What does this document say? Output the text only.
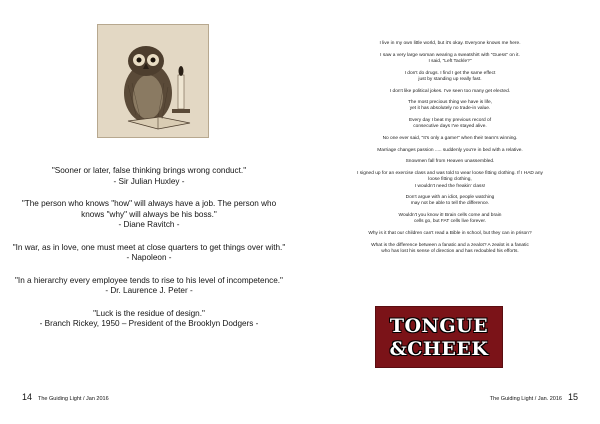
"Sooner or later, false thinking brings wrong conduct."
- Sir Julian Huxley -
"The person who knows "how" will always have a job. The person who knows "why" will always be his boss."
- Diane Ravitch -
"In war, as in love, one must meet at close quarters to get things over with."
- Napoleon -
"In a hierarchy every employee tends to rise to his level of incompetence."
- Dr. Laurence J. Peter -
"Luck is the residue of design."
- Branch Rickey, 1950 – President of the Brooklyn Dodgers -
14 The Guiding Light / Jan 2016

I live in my own little world, but it's okay. Everyone knows me here.

I saw a very large woman wearing a sweatshirt with "Guess" on it.
I said, "Left Tackle?"

I don't do drugs. I find I get the same effect
just by standing up really fast.

I don't like political jokes. I've seen too many get elected.

The most precious thing we have is life,
yet it has absolutely no trade-in value.

Every day I beat my previous record of
consecutive days I've stayed alive.

No one ever said, "It's only a game!" when their team's winning.

Marriage changes passion ..... suddenly you're in bed with a relative.

Snowmen fall from Heaven unassembled.

I signed up for an exercise class and was told to wear loose fitting clothing. If I HAD any
loose fitting clothing,
I wouldn't need the freakin' class!

Don't argue with an idiot, people watching
may not be able to tell the difference.

Wouldn't you know it! Brain cells come and brain
cells go, but FAT cells live forever.

Why is it that our children can't read a Bible in school, but they can in prison?

What is the difference between a fanatic and a zealot? A zealot is a fanatic
who has lost his sense of direction and has redoubled his efforts.

TONGUE
&CHEEK
The Guiding Light / Jan. 2016 15
